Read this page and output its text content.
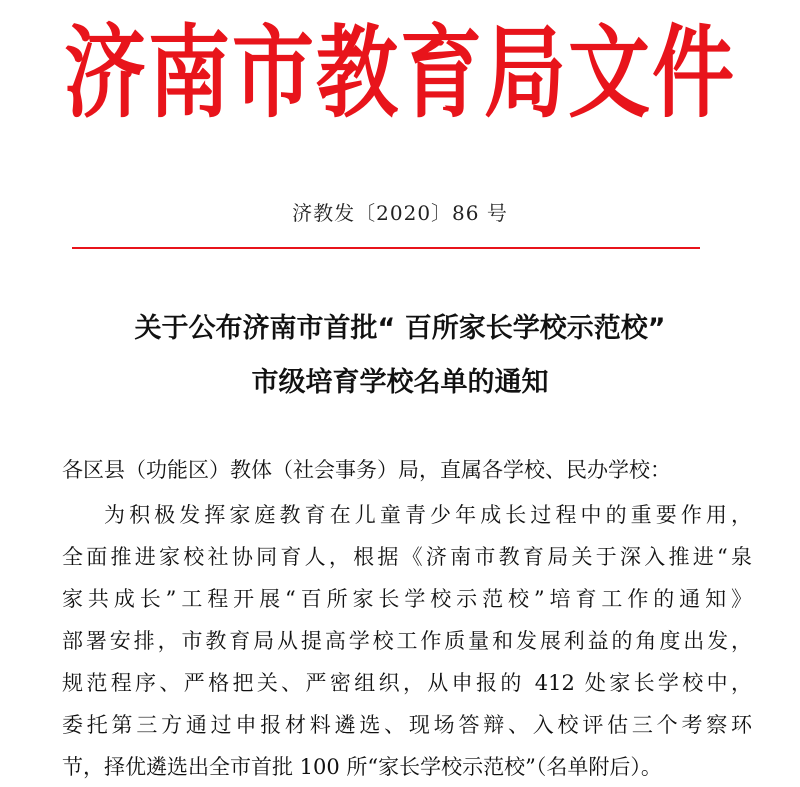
济南市教育局文件
济教发〔2020〕86 号
关于公布济南市首批“ 百所家长学校示范校”
市级培育学校名单的通知
各区县（功能区）教体（社会事务）局，直属各学校、民办学校：
为积极发挥家庭教育在儿童青少年成长过程中的重要作用，
全面推进家校社协同育人，根据《济南市教育局关于深入推进“泉
家共成长”工程开展“百所家长学校示范校”培育工作的通知》
部署安排，市教育局从提高学校工作质量和发展利益的角度出发，
规范程序、严格把关、严密组织，从申报的 412 处家长学校中，
委托第三方通过申报材料遴选、现场答辩、入校评估三个考察环
节，择优遴选出全市首批 100 所“家长学校示范校”（名单附后）。
